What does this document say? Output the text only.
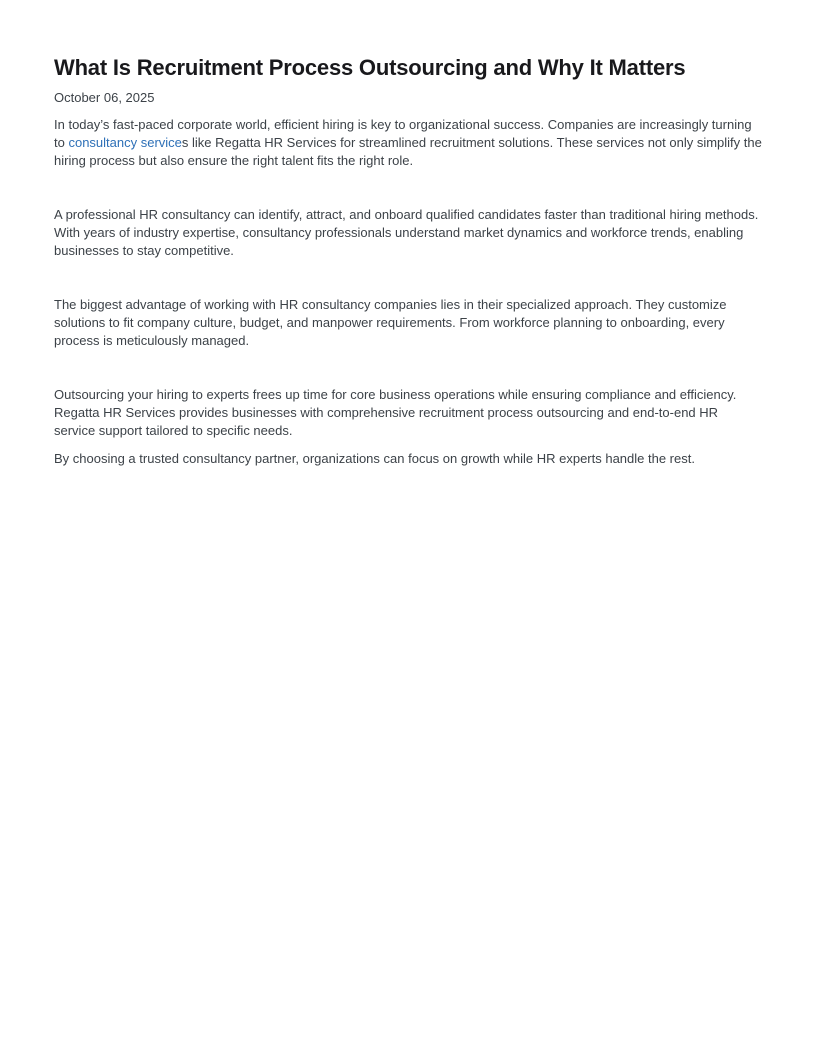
What Is Recruitment Process Outsourcing and Why It Matters
October 06, 2025

In today’s fast-paced corporate world, efficient hiring is key to organizational success. Companies are increasingly turning to consultancy services like Regatta HR Services for streamlined recruitment solutions. These services not only simplify the hiring process but also ensure the right talent fits the right role.

A professional HR consultancy can identify, attract, and onboard qualified candidates faster than traditional hiring methods. With years of industry expertise, consultancy professionals understand market dynamics and workforce trends, enabling businesses to stay competitive.

The biggest advantage of working with HR consultancy companies lies in their specialized approach. They customize solutions to fit company culture, budget, and manpower requirements. From workforce planning to onboarding, every process is meticulously managed.

Outsourcing your hiring to experts frees up time for core business operations while ensuring compliance and efficiency. Regatta HR Services provides businesses with comprehensive recruitment process outsourcing and end-to-end HR service support tailored to specific needs.

By choosing a trusted consultancy partner, organizations can focus on growth while HR experts handle the rest.
